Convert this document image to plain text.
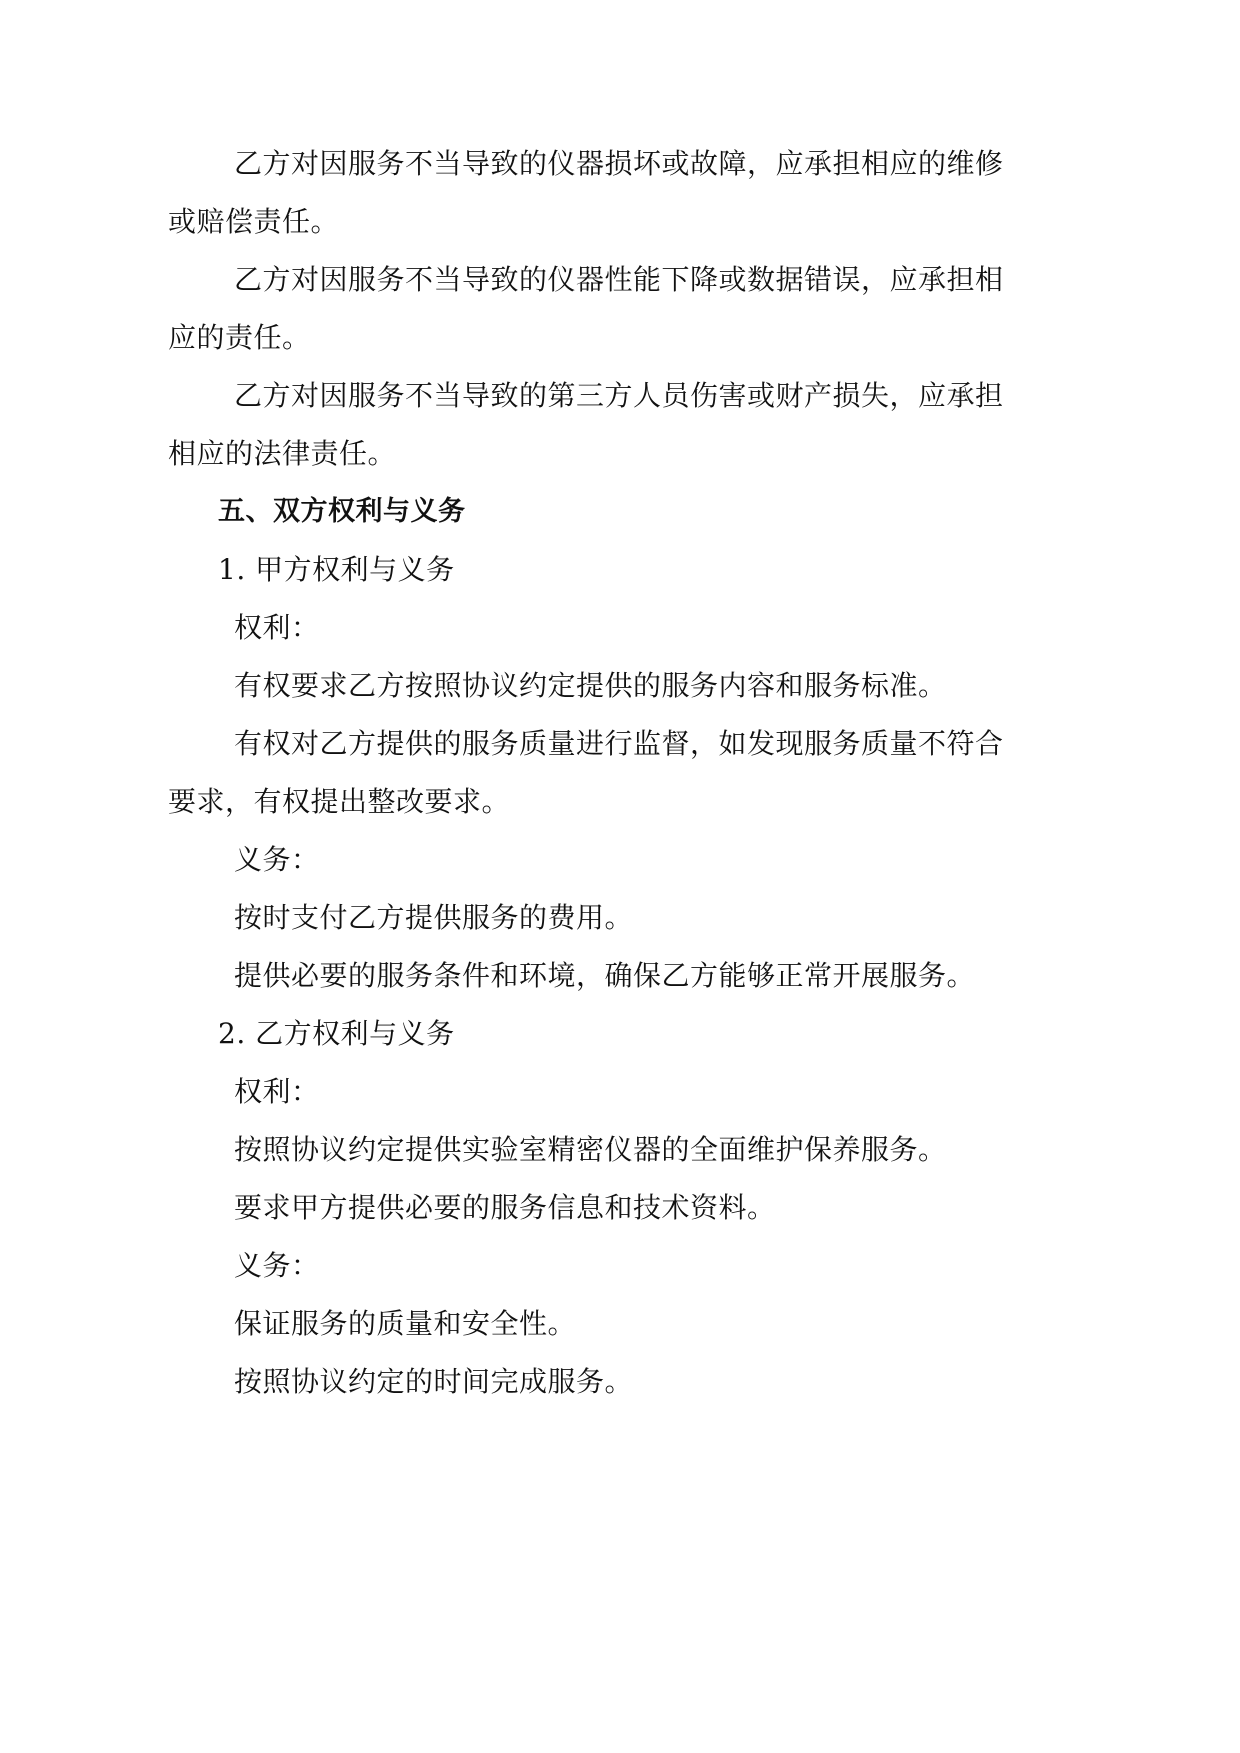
乙方对因服务不当导致的仪器损坏或故障，应承担相应的维修
或赔偿责任。
乙方对因服务不当导致的仪器性能下降或数据错误，应承担相
应的责任。
乙方对因服务不当导致的第三方人员伤害或财产损失，应承担
相应的法律责任。
五、双方权利与义务
1. 甲方权利与义务
权利：
有权要求乙方按照协议约定提供的服务内容和服务标准。
有权对乙方提供的服务质量进行监督，如发现服务质量不符合
要求，有权提出整改要求。
义务：
按时支付乙方提供服务的费用。
提供必要的服务条件和环境，确保乙方能够正常开展服务。
2. 乙方权利与义务
权利：
按照协议约定提供实验室精密仪器的全面维护保养服务。
要求甲方提供必要的服务信息和技术资料。
义务：
保证服务的质量和安全性。
按照协议约定的时间完成服务。
